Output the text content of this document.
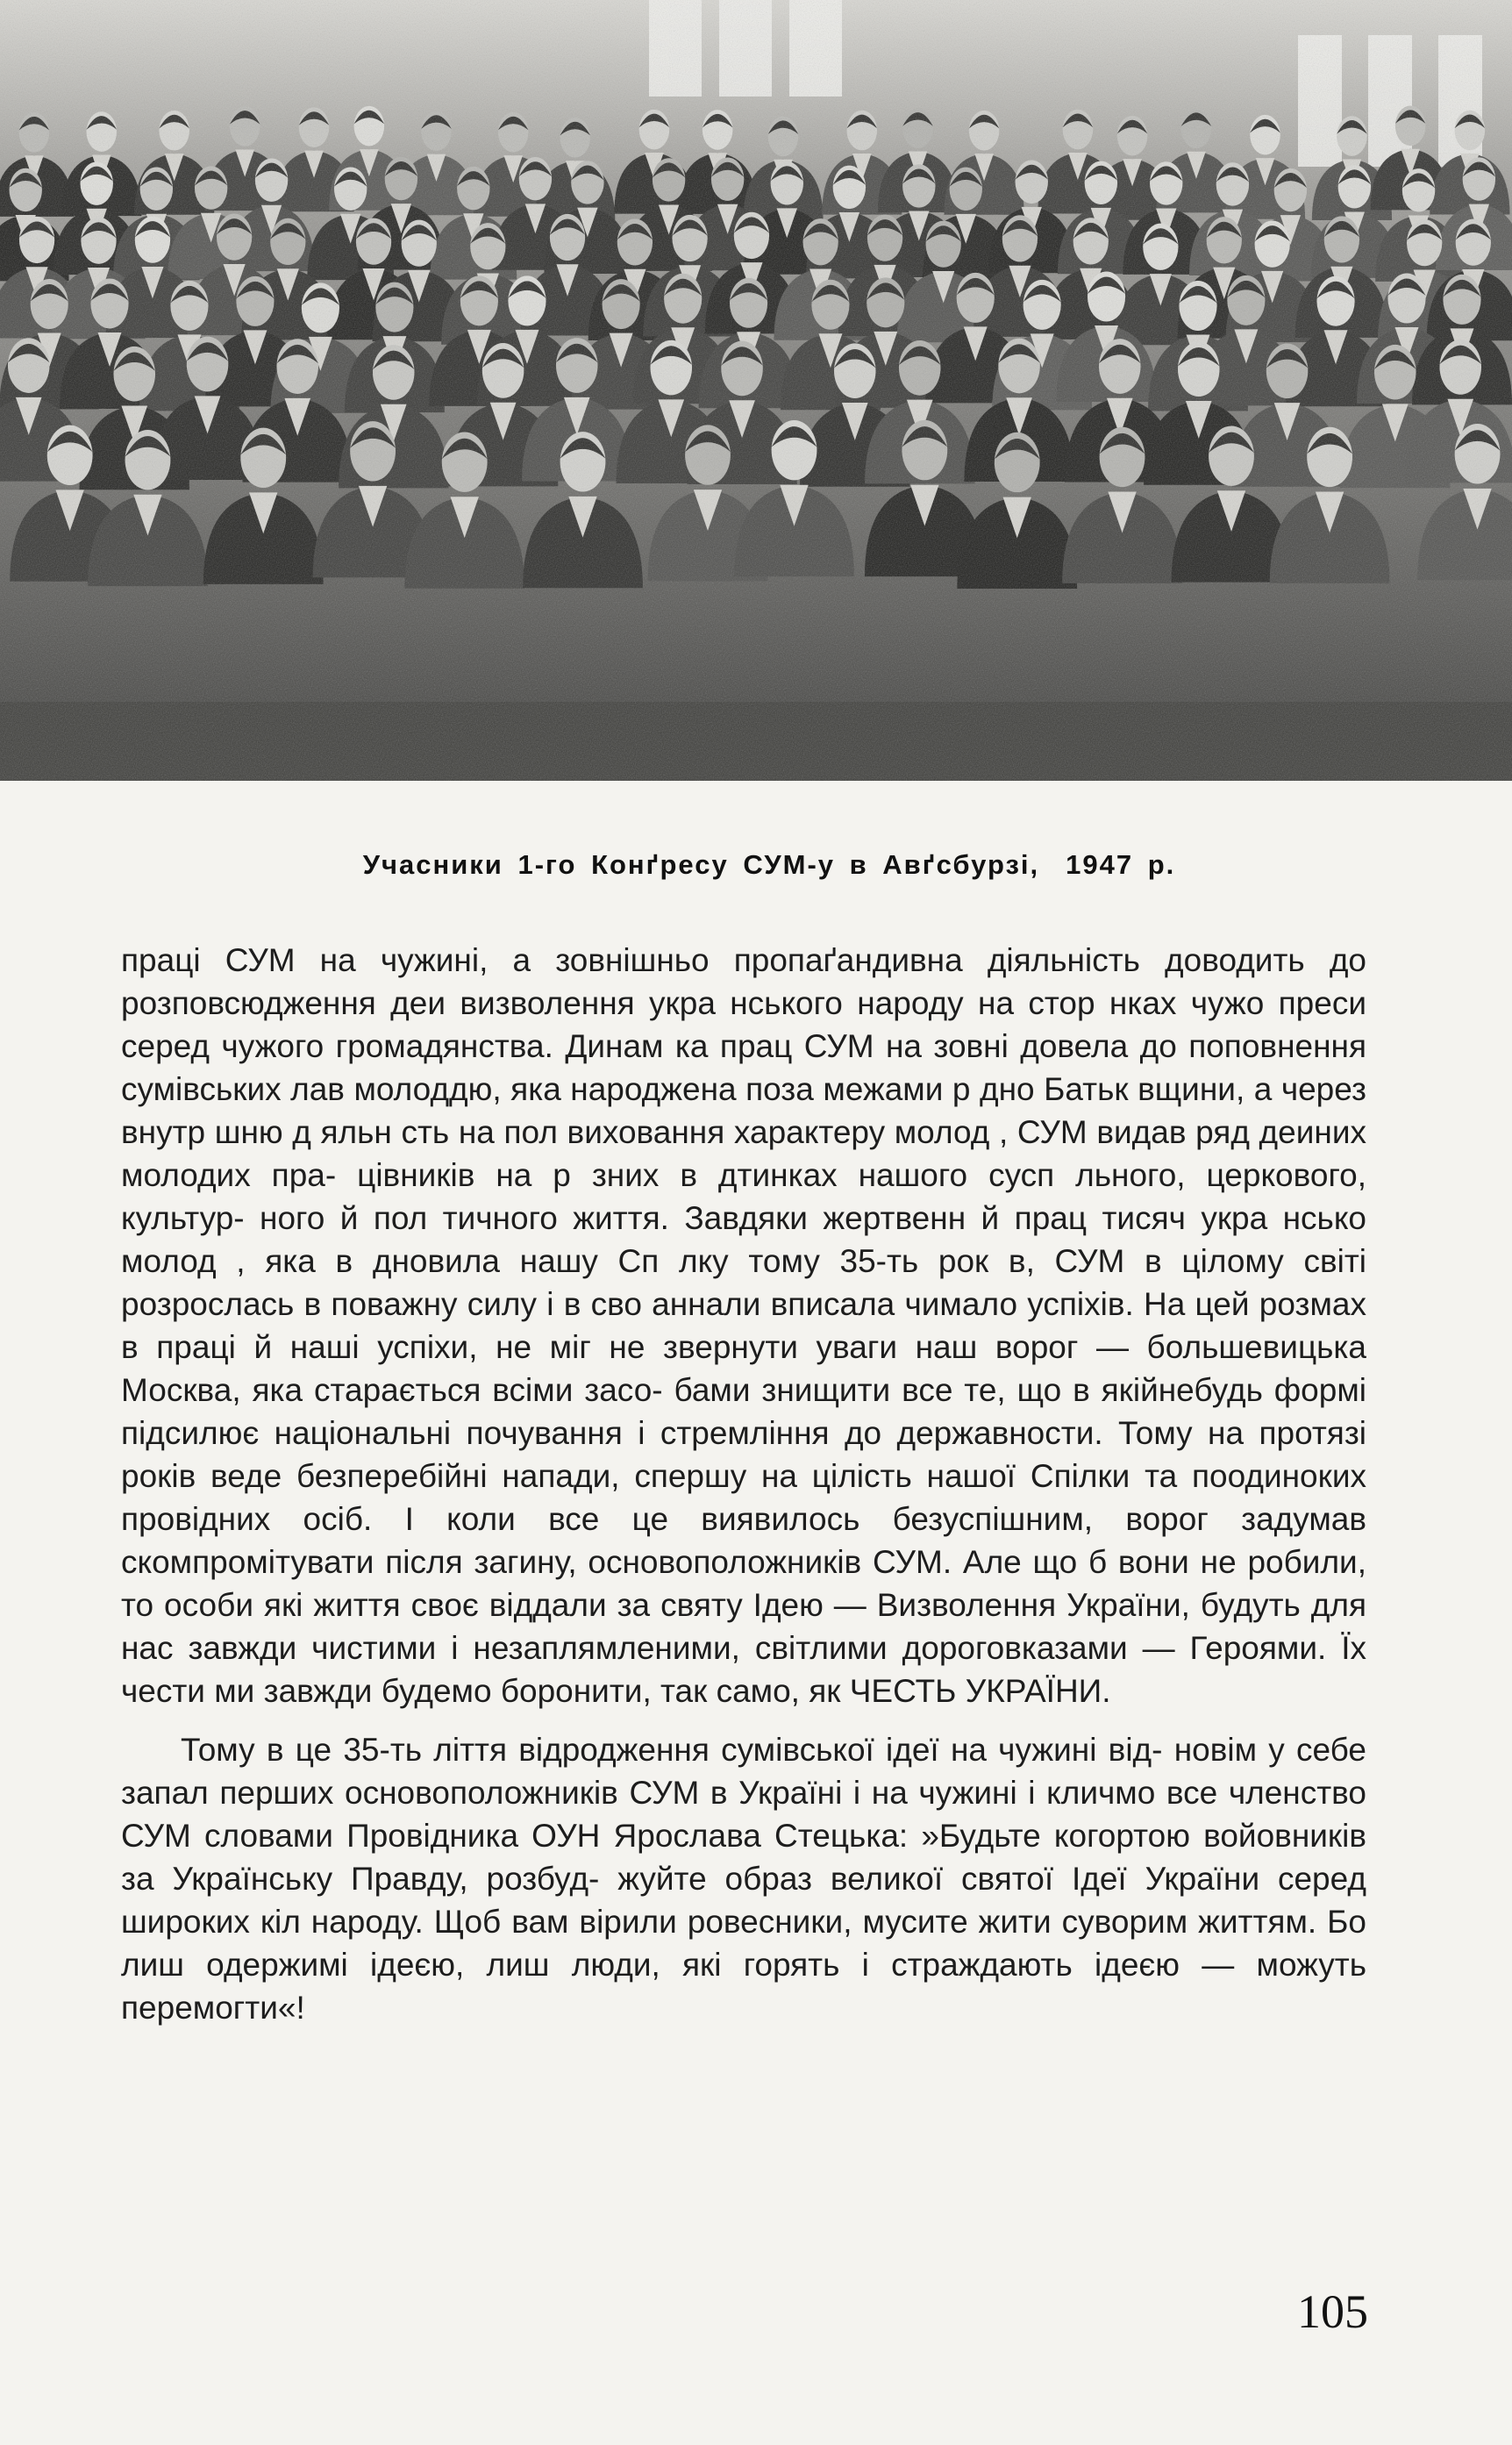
Учасники 1-го Конґресу СУМ-у в Авґсбурзі, 1947 р.

праці СУМ на чужині, а зовнішньо пропаґандивна діяльність доводить до розповсюдження деи визволення укра нського народу на стор нках чужо преси серед чужого громадянства. Динам ка прац СУМ на зовні довела до поповнення сумівських лав молоддю, яка народжена поза межами р дно Батьк вщини, а через внутр шню д яльн сть на пол виховання характеру молод , СУМ видав ряд деиних молодих пра- цівників на р зних в дтинках нашого сусп льного, церкового, культур- ного й пол тичного життя. Завдяки жертвенн й прац тисяч укра нсько молод , яка в дновила нашу Сп лку тому 35-ть рок в, СУМ в цілому світі розрослась в поважну силу і в сво аннали вписала чимало успіхів. На цей розмах в праці й наші успіхи, не міг не звернути уваги наш ворог — большевицька Москва, яка старається всіми засо- бами знищити все те, що в якійнебудь формі підсилює національні почування і стремління до державности. Тому на протязі років веде безперебійні напади, спершу на цілість нашої Спілки та поодиноких провідних осіб. І коли все це виявилось безуспішним, ворог задумав скомпромітувати після загину, основоположників СУМ. Але що б вони не робили, то особи які життя своє віддали за святу Ідею — Визволення України, будуть для нас завжди чистими і незаплямленими, світлими дороговказами — Героями. Їх чести ми завжди будемо боронити, так само, як ЧЕСТЬ УКРАЇНИ.

Тому в це 35-ть ліття відродження сумівської ідеї на чужині від- новім у себе запал перших основоположників СУМ в Україні і на чужині і кличмо все членство СУМ словами Провідника ОУН Ярослава Стецька: »Будьте когортою войовників за Українську Правду, розбуд- жуйте образ великої святої Ідеї України серед широких кіл народу. Щоб вам вірили ровесники, мусите жити суворим життям. Бо лиш одержимі ідеєю, лиш люди, які горять і страждають ідеєю — можуть перемогти«!

105
